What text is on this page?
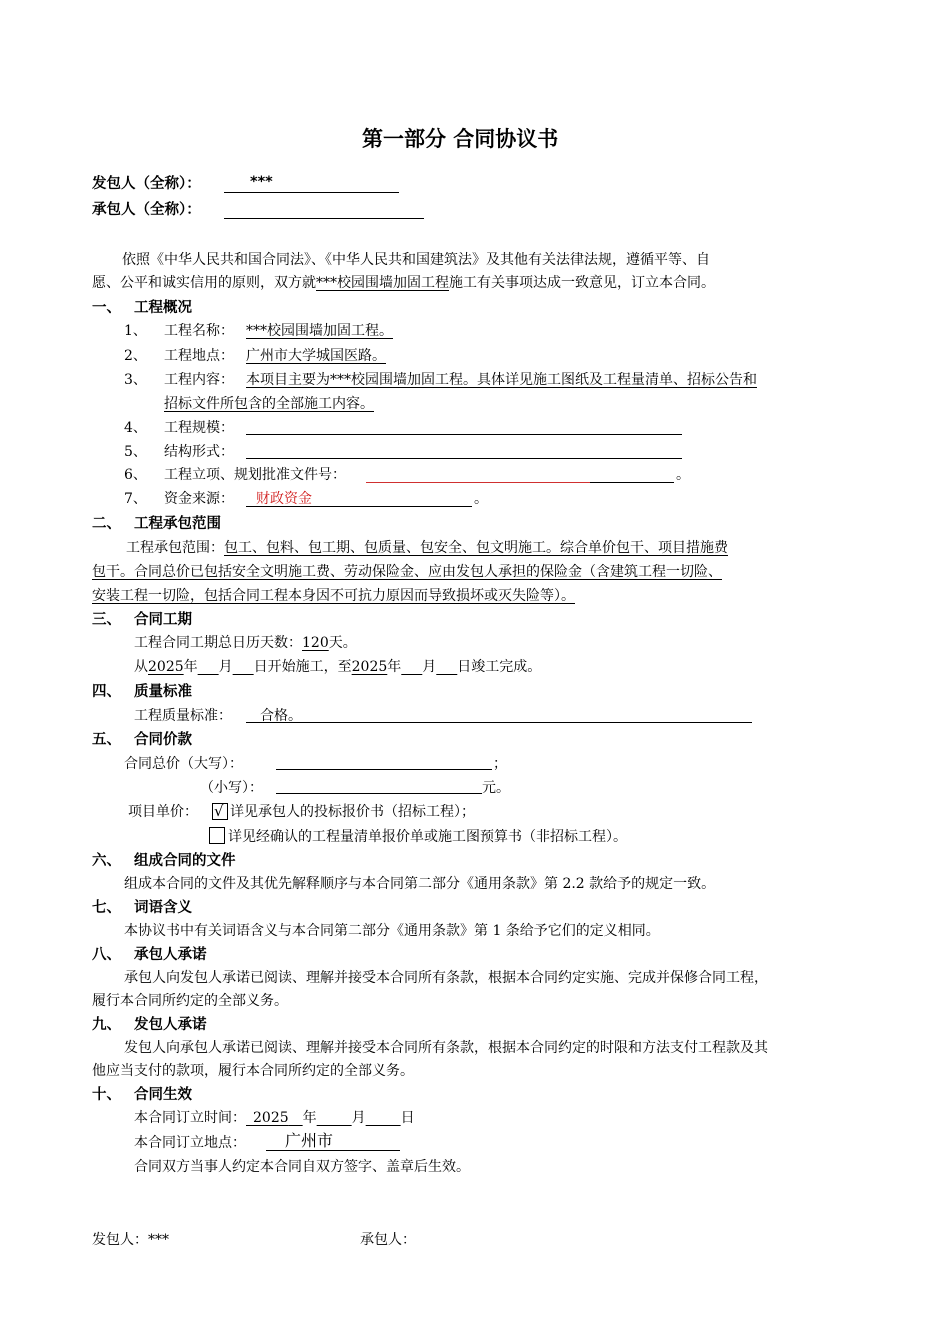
第一部分 合同协议书
发包人（全称）：	***
承包人（全称）：
依照《中华人民共和国合同法》、《中华人民共和国建筑法》及其他有关法律法规，遵循平等、自
愿、公平和诚实信用的原则，双方就***校园围墙加固工程施工有关事项达成一致意见，订立本合同。
一、 工程概况
1、 工程名称： ***校园围墙加固工程。
2、 工程地点： 广州市大学城国医路。
3、 工程内容： 本项目主要为***校园围墙加固工程。具体详见施工图纸及工程量清单、招标公告和
招标文件所包含的全部施工内容。
4、 工程规模：
5、 结构形式：
6、 工程立项、规划批准文件号：	。
7、 资金来源： 财政资金	。
二、 工程承包范围
工程承包范围：包工、包料、包工期、包质量、包安全、包文明施工。综合单价包干、项目措施费
包干。合同总价已包括安全文明施工费、劳动保险金、应由发包人承担的保险金（含建筑工程一切险、
安装工程一切险，包括合同工程本身因不可抗力原因而导致损坏或灭失险等）。
三、 合同工期
工程合同工期总日历天数：120天。
从2025年    月    日开始施工，至2025年    月    日竣工完成。
四、 质量标准
工程质量标准： 合格。
五、 合同价款
合同总价（大写）：	；
（小写）：	元。
项目单价： √ 详见承包人的投标报价书（招标工程）；
详见经确认的工程量清单报价单或施工图预算书（非招标工程）。
六、 组成合同的文件
组成本合同的文件及其优先解释顺序与本合同第二部分《通用条款》第 2.2 款给予的规定一致。
七、 词语含义
本协议书中有关词语含义与本合同第二部分《通用条款》第 1 条给予它们的定义相同。
八、 承包人承诺
承包人向发包人承诺已阅读、理解并接受本合同所有条款，根据本合同约定实施、完成并保修合同工程，
履行本合同所约定的全部义务。
九、 发包人承诺
发包人向承包人承诺已阅读、理解并接受本合同所有条款，根据本合同约定的时限和方法支付工程款及其
他应当支付的款项，履行本合同所约定的全部义务。
十、 合同生效
本合同订立时间：  2025   年     	月     	日
本合同订立地点： 广州市
合同双方当事人约定本合同自双方签字、盖章后生效。
发包人：***	承包人：
